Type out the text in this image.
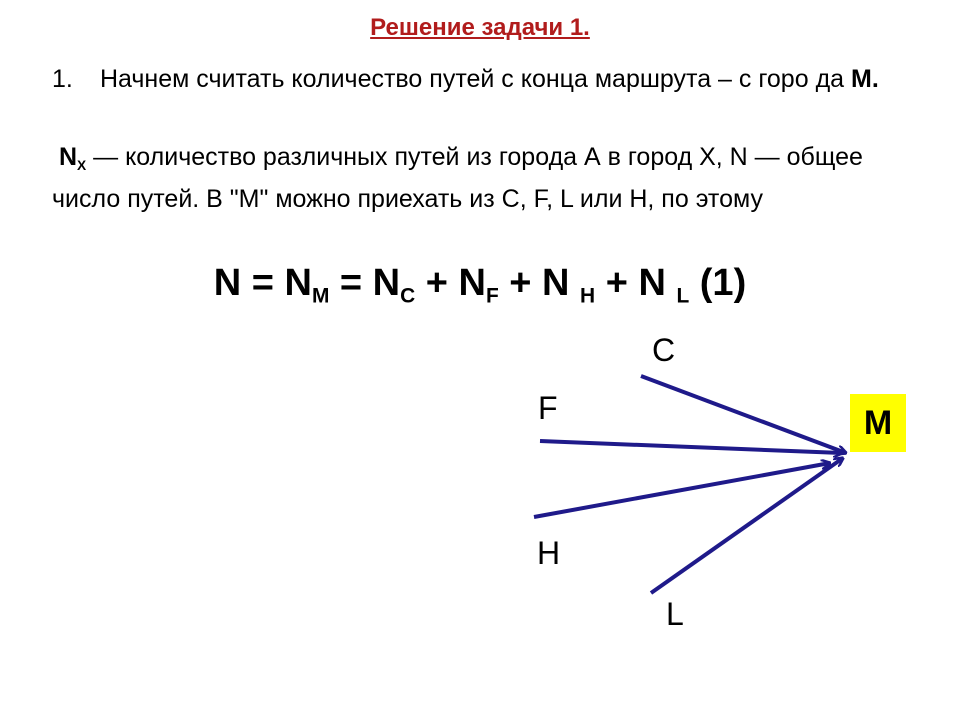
Решение задачи 1.
1. Начнем считать количество путей с конца маршрута – с горо да М.
$N_X$ — количество различных путей из города А в город Х, N — общее число путей. В "М" можно приехать из С, F, L или H, по этому
$N = N_M = N_C + N_F + N$ $_H$ + N $_L$ (1)
C
F
H
L
М
